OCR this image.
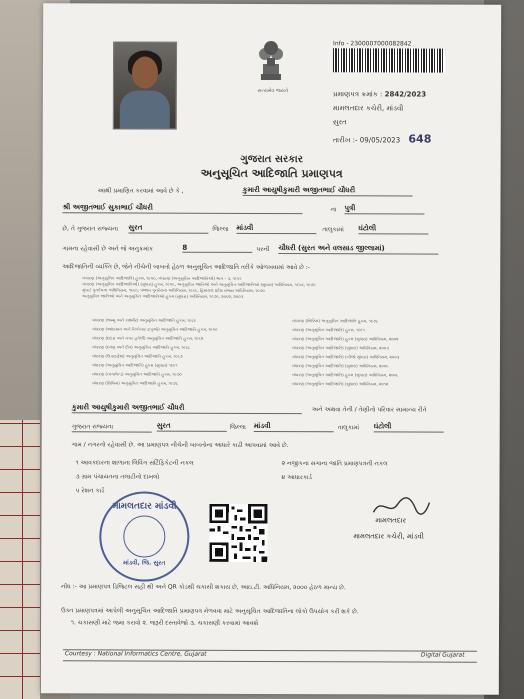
સત્યમેવ જયતે
Info - 2300007000082842
પ્રમાણપત્ર ક્રમાંક : 2842/2023
મામલતદાર કચેરી, માંડવી
સુરત
તારીખ :- 09/05/2023 648
ગુજરાત સરકાર
અનુસૂચિત આદિજાતિ પ્રમાણપત્ર
આથી પ્રમાણિત કરવામાં આવે છે કે ,	કુમારી આયુષીકુમારી અજીતભાઈ ચૌધરી
શ્રી અજીતભાઈ સુકાભાઈ ચૌધરી	ના પુત્રી
છે, તે ગુજરાત રાજ્યના સુરત	જિલ્લા માંડવી	તાલુકામાં ઘંટોલી
ગામના રહેવાસી છે અને જે અનુક્રમાંક	8	પરની ચૌધરી (સુરત અને વલસાડ જીલ્લામાં)
આદિજાતિની વ્યક્તિ છે, જેને નીચેની બાબતો હેઠળ અનુસૂચિત આદિજાતિ તરીકે ઓળખવામાં આવે છે :-
બંધારણ (અનુસૂચિત આદિજાતિ) હુકમ, ૧૯૫૦, બંધારણ (અનુસૂચિત આદિજાતિઓ) ભાગ - ૩, ૧૯૫૧
બંધારણ (અનુસૂચિત આદિજાતિઓ) (સુધારા) હુકમ, ૧૯૫૬, અનુસૂચિત જાતિઓ અને અનુસૂચિત આદિજાતિઓ (સુધારા) અધિનિયમ, ૧૯૫૬, ૧૯૭૬
મુંબઈ પુનર્રચના અધિનિયમ, ૧૯૬૦, પંજાબ પુનર્રચના અધિનિયમ, ૧૯૬૬, હિમાચલ પ્રદેશ રાજ્ય અધિનિયમ, ૧૯૭૦
અનુસૂચિત જાતિઓ અને અનુસૂચિત આદિજાતિઓ હુકમ (સુધારા) અધિનિયમ, ૧૯૭૬, ૨૦૦૨, ૨૦૦૩
બંધારણ (જમ્મુ અને કાશ્મીર) અનુસૂચિત આદિજાતિ હુકમ, ૧૯૮૯
બંધારણ (આંદામાન અને નિકોબાર ટાપુઓ) અનુસૂચિત આદિજાતિ હુકમ, ૧૯૫૯
બંધારણ (દાદરા અને નગર હવેલી) અનુસૂચિત આદિજાતિ હુકમ, ૧૯૬૨
બંધારણ (દમણ અને દીવ) અનુસૂચિત આદિજાતિ હુકમ, ૧૯૬૮
બંધારણ (ઉત્તરપ્રદેશ) અનુસૂચિત આદિજાતિ હુકમ, ૧૯૬૭
બંધારણ (અનુસૂચિત આદિજાતિ) હુકમ (સુધારા) ૧૯૯૧
બંધારણ (નાગાલેન્ડ) અનુસૂચિત આદિજાતિ હુકમ, ૧૯૭૦
બંધારણ (સિક્કિમ) અનુસૂચિત આદિજાતિ હુકમ, ૧૯૭૮
બંધારણ (સિક્કિમ) અનુસૂચિત આદિજાતિ હુકમ, ૧૯૭૮
બંધારણ (અનુસૂચિત આદિજાતિ) હુકમ, ૧૯૯૧
બંધારણ (અનુસૂચિત આદિજાતિ) હુકમ (સુધારા) અધિનિયમ, ૨૦૦૨
બંધારણ (અનુસૂચિત આદિજાતિ) (સુધારા) અધિનિયમ, ૨૦૦૩
બંધારણ (અનુસૂચિત આદિજાતિ) (બીજો સુધારા) અધિનિયમ, ૨૦૦૩
બંધારણ (અનુસૂચિત આદિજાતિ) (સુધારા) અધિનિયમ, ૨૦૦૬
બંધારણ (અનુસૂચિત આદિજાતિ) હુકમ (સુધારા) અધિનિયમ, ૨૦૦૮
બંધારણ (અનુસૂચિત આદિજાતિ) (સુધારા) અધિનિયમ, ૨૦૧૨
કુમારી આયુષીકુમારી અજીતભાઈ ચૌધરી	અને અથવા તેની / તેણીનો પરિવાર સામાન્ય રીતે
ગુજરાત રાજ્યના	સુરત	જિલ્લા માંડવી	તાલુકામાં ઘંટોલી
ગામ / નગરનો રહેવાસી છે. આ પ્રમાણપત્ર નીચેની બાબતોના આધારે કાઢી આપવામાં આવે છે.
૧ આવકદારના શાળાના લિવિંગ સર્ટિફિકેટની નકલ	૨ નજીકના સગાના જાતિ પ્રમાણપત્રની નકલ
૩ ગ્રામ પંચાયતના તલાટીનો દાખલો	૪ આધારકાર્ડ
૫ રેશન કાર્ડ
મામલતદાર માંડવી
માંડવી, જિ. સુરત
મામલતદાર
મામલતદાર કચેરી, માંડવી
નોંધ :- આ પ્રમાણપત્ર ડિજિટલ સહી થી અને QR કોડથી ચકાસી શકાય છે, આઇ.ટી. અધિનિયમ, ૨૦૦૦ હેઠળ માન્ય છે.
ઉક્ત પ્રમાણપત્રમાં આપેલી અનુસૂચિત આદિજાતિ પ્રમાણપત્ર મેળવવા માટે અનુસૂચિત આદિજાતિના લોકો ઉપયોગ કરી શકે છે.
૧. ચકાસણી માટે જમા કરાવો ૨. જરૂરી દસ્તાવેજો ૩. ચકાસણી કરવામાં આવશે
Courtesy : National Informatics Centre, Gujarat	Digital Gujarat
